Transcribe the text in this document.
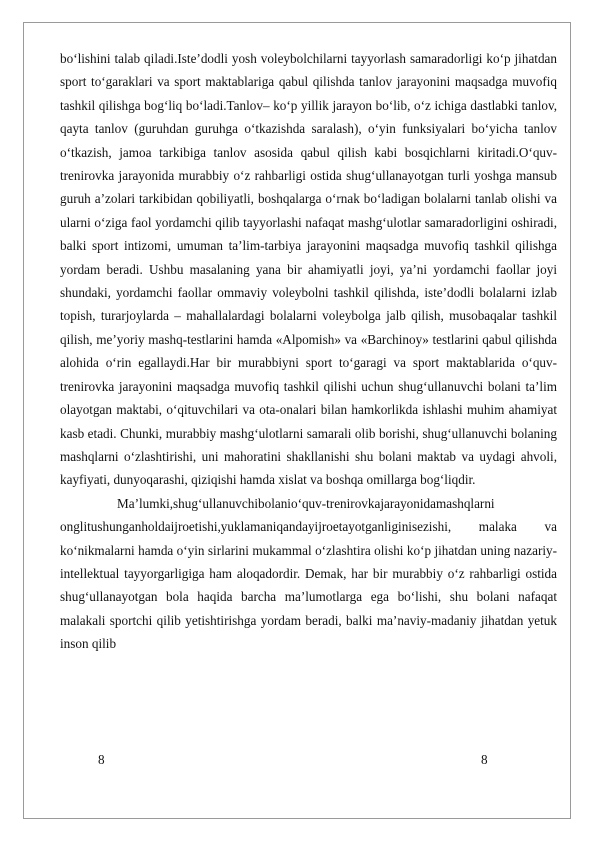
bo‘lishini talab qiladi.Iste’dodli yosh voleybolchilarni tayyorlash samaradorligi ko‘p jihatdan sport to‘garaklari va sport maktablariga qabul qilishda tanlov jarayonini maqsadga muvofiq tashkil qilishga bog‘liq bo‘ladi.Tanlov– ko‘p yillik jarayon bo‘lib, o‘z ichiga dastlabki tanlov, qayta tanlov (guruhdan guruhga o‘tkazishda saralash), o‘yin funksiyalari bo‘yicha tanlov o‘tkazish, jamoa tarkibiga tanlov asosida qabul qilish kabi bosqichlarni kiritadi.O‘quv-trenirovka jarayonida murabbiy o‘z rahbarligi ostida shug‘ullanayotgan turli yoshga mansub guruh a’zolari tarkibidan qobiliyatli, boshqalarga o‘rnak bo‘ladigan bolalarni tanlab olishi va ularni o‘ziga faol yordamchi qilib tayyorlashi nafaqat mashg‘ulotlar samaradorligini oshiradi, balki sport intizomi, umuman ta’lim-tarbiya jarayonini maqsadga muvofiq tashkil qilishga yordam beradi. Ushbu masalaning yana bir ahamiyatli joyi, ya’ni yordamchi faollar joyi shundaki, yordamchi faollar ommaviy voleybolni tashkil qilishda, iste’dodli bolalarni izlab topish, turarjoylarda – mahallalardagi bolalarni voleybolga jalb qilish, musobaqalar tashkil qilish, me’yoriy mashq-testlarini hamda «Alpomish» va «Barchinoy» testlarini qabul qilishda alohida o‘rin egallaydi.Har bir murabbiyni sport to‘garagi va sport maktablarida o‘quv-trenirovka jarayonini maqsadga muvofiq tashkil qilishi uchun shug‘ullanuvchi bolani ta’lim olayotgan maktabi, o‘qituvchilari va ota-onalari bilan hamkorlikda ishlashi muhim ahamiyat kasb etadi. Chunki, murabbiy mashg‘ulotlarni samarali olib borishi, shug‘ullanuvchi bolaning mashqlarni o‘zlashtirishi, uni mahoratini shakllanishi shu bolani maktab va uydagi ahvoli, kayfiyati, dunyoqarashi, qiziqishi hamda xislat va boshqa omillarga bog‘liqdir.

Ma’lumki,shug‘ullanuvchibolanio‘quv-trenirovkajarayonidamashqlarni onglitushunganholdaijroetishi,yuklamaniqandayijroetayotganliginisezishi, malaka va ko‘nikmalarni hamda o‘yin sirlarini mukammal o‘zlashtira olishi ko‘p jihatdan uning nazariy-intellektual tayyorgarligiga ham aloqadordir. Demak, har bir murabbiy o‘z rahbarligi ostida shug‘ullanayotgan bola haqida barcha ma’lumotlarga ega bo‘lishi, shu bolani nafaqat malakali sportchi qilib yetishtirishga yordam beradi, balki ma’naviy-madaniy jihatdan yetuk inson qilib

8	8
